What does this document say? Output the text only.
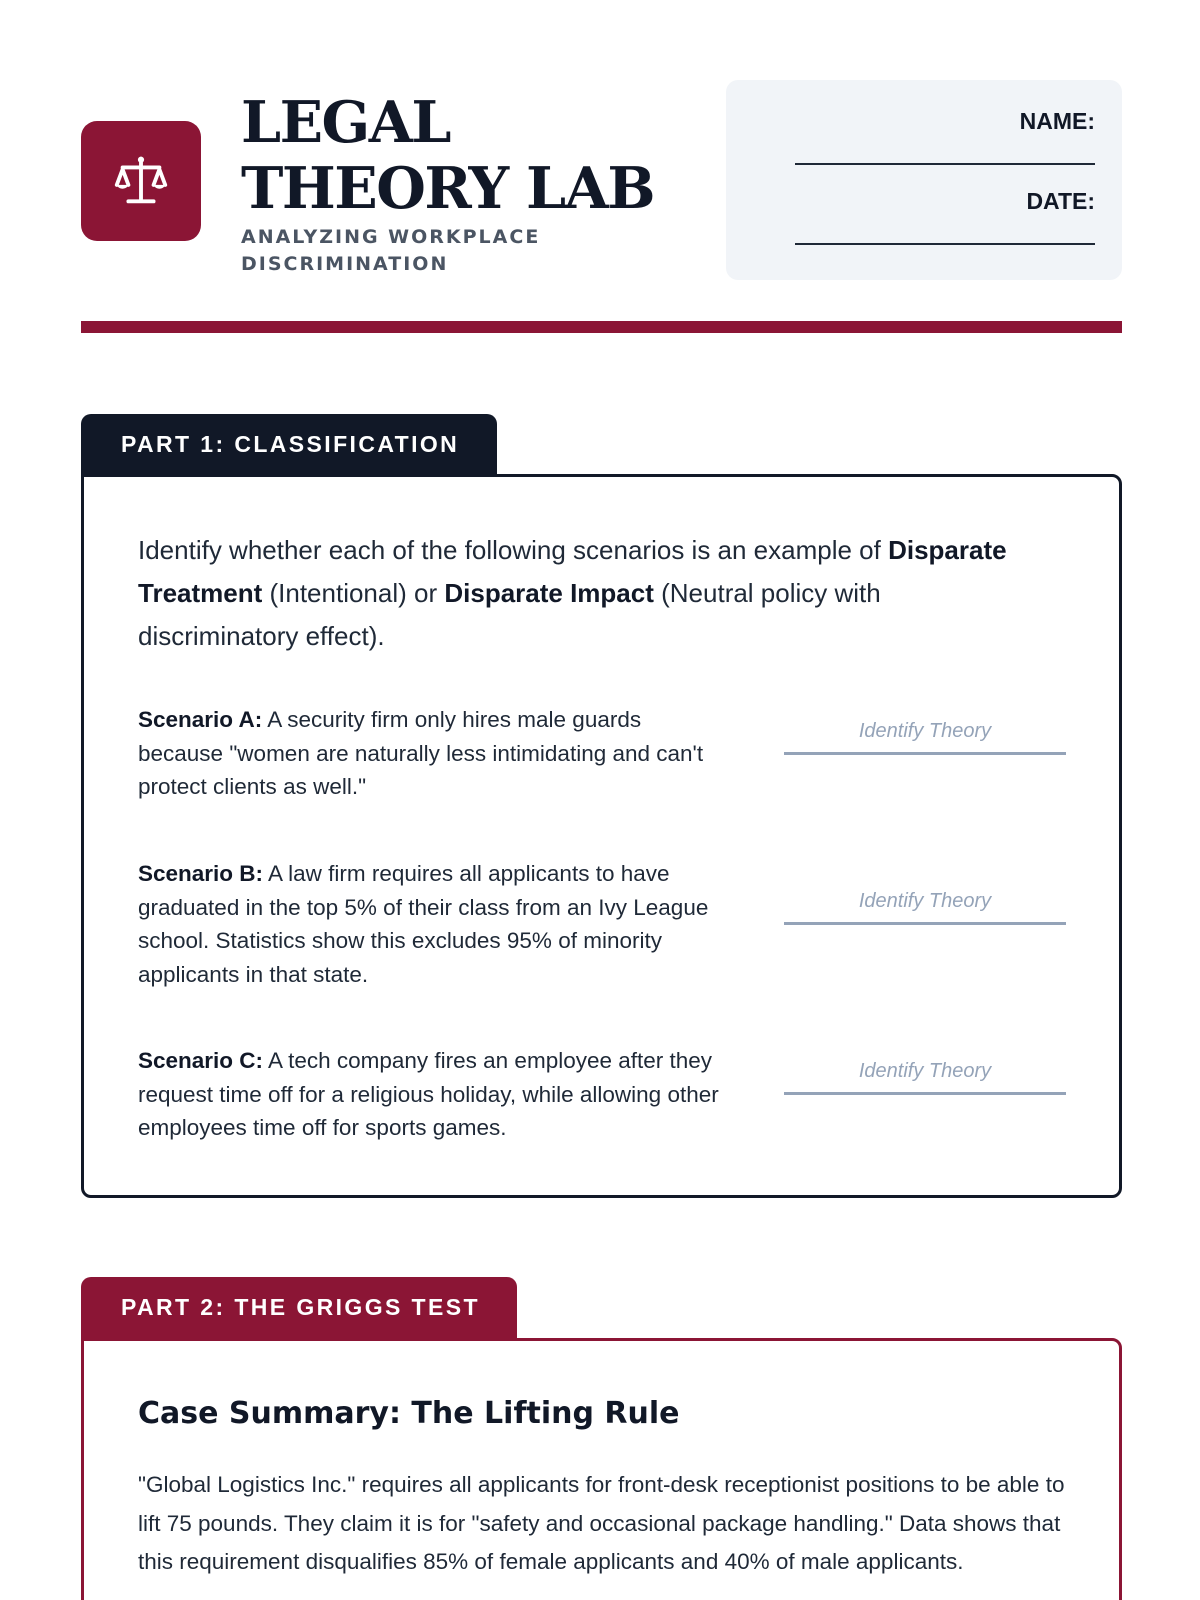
LEGAL THEORY LAB
ANALYZING WORKPLACE DISCRIMINATION
NAME:
DATE:
PART 1: CLASSIFICATION

Identify whether each of the following scenarios is an example of Disparate Treatment (Intentional) or Disparate Impact (Neutral policy with discriminatory effect).

Scenario A: A security firm only hires male guards because "women are naturally less intimidating and can't protect clients as well."

Identify Theory

Scenario B: A law firm requires all applicants to have graduated in the top 5% of their class from an Ivy League school. Statistics show this excludes 95% of minority applicants in that state.

Identify Theory

Scenario C: A tech company fires an employee after they request time off for a religious holiday, while allowing other employees time off for sports games.

Identify Theory
PART 2: THE GRIGGS TEST
Case Summary: The Lifting Rule

"Global Logistics Inc." requires all applicants for front-desk receptionist positions to be able to lift 75 pounds. They claim it is for "safety and occasional package handling." Data shows that this requirement disqualifies 85% of female applicants and 40% of male applicants.
